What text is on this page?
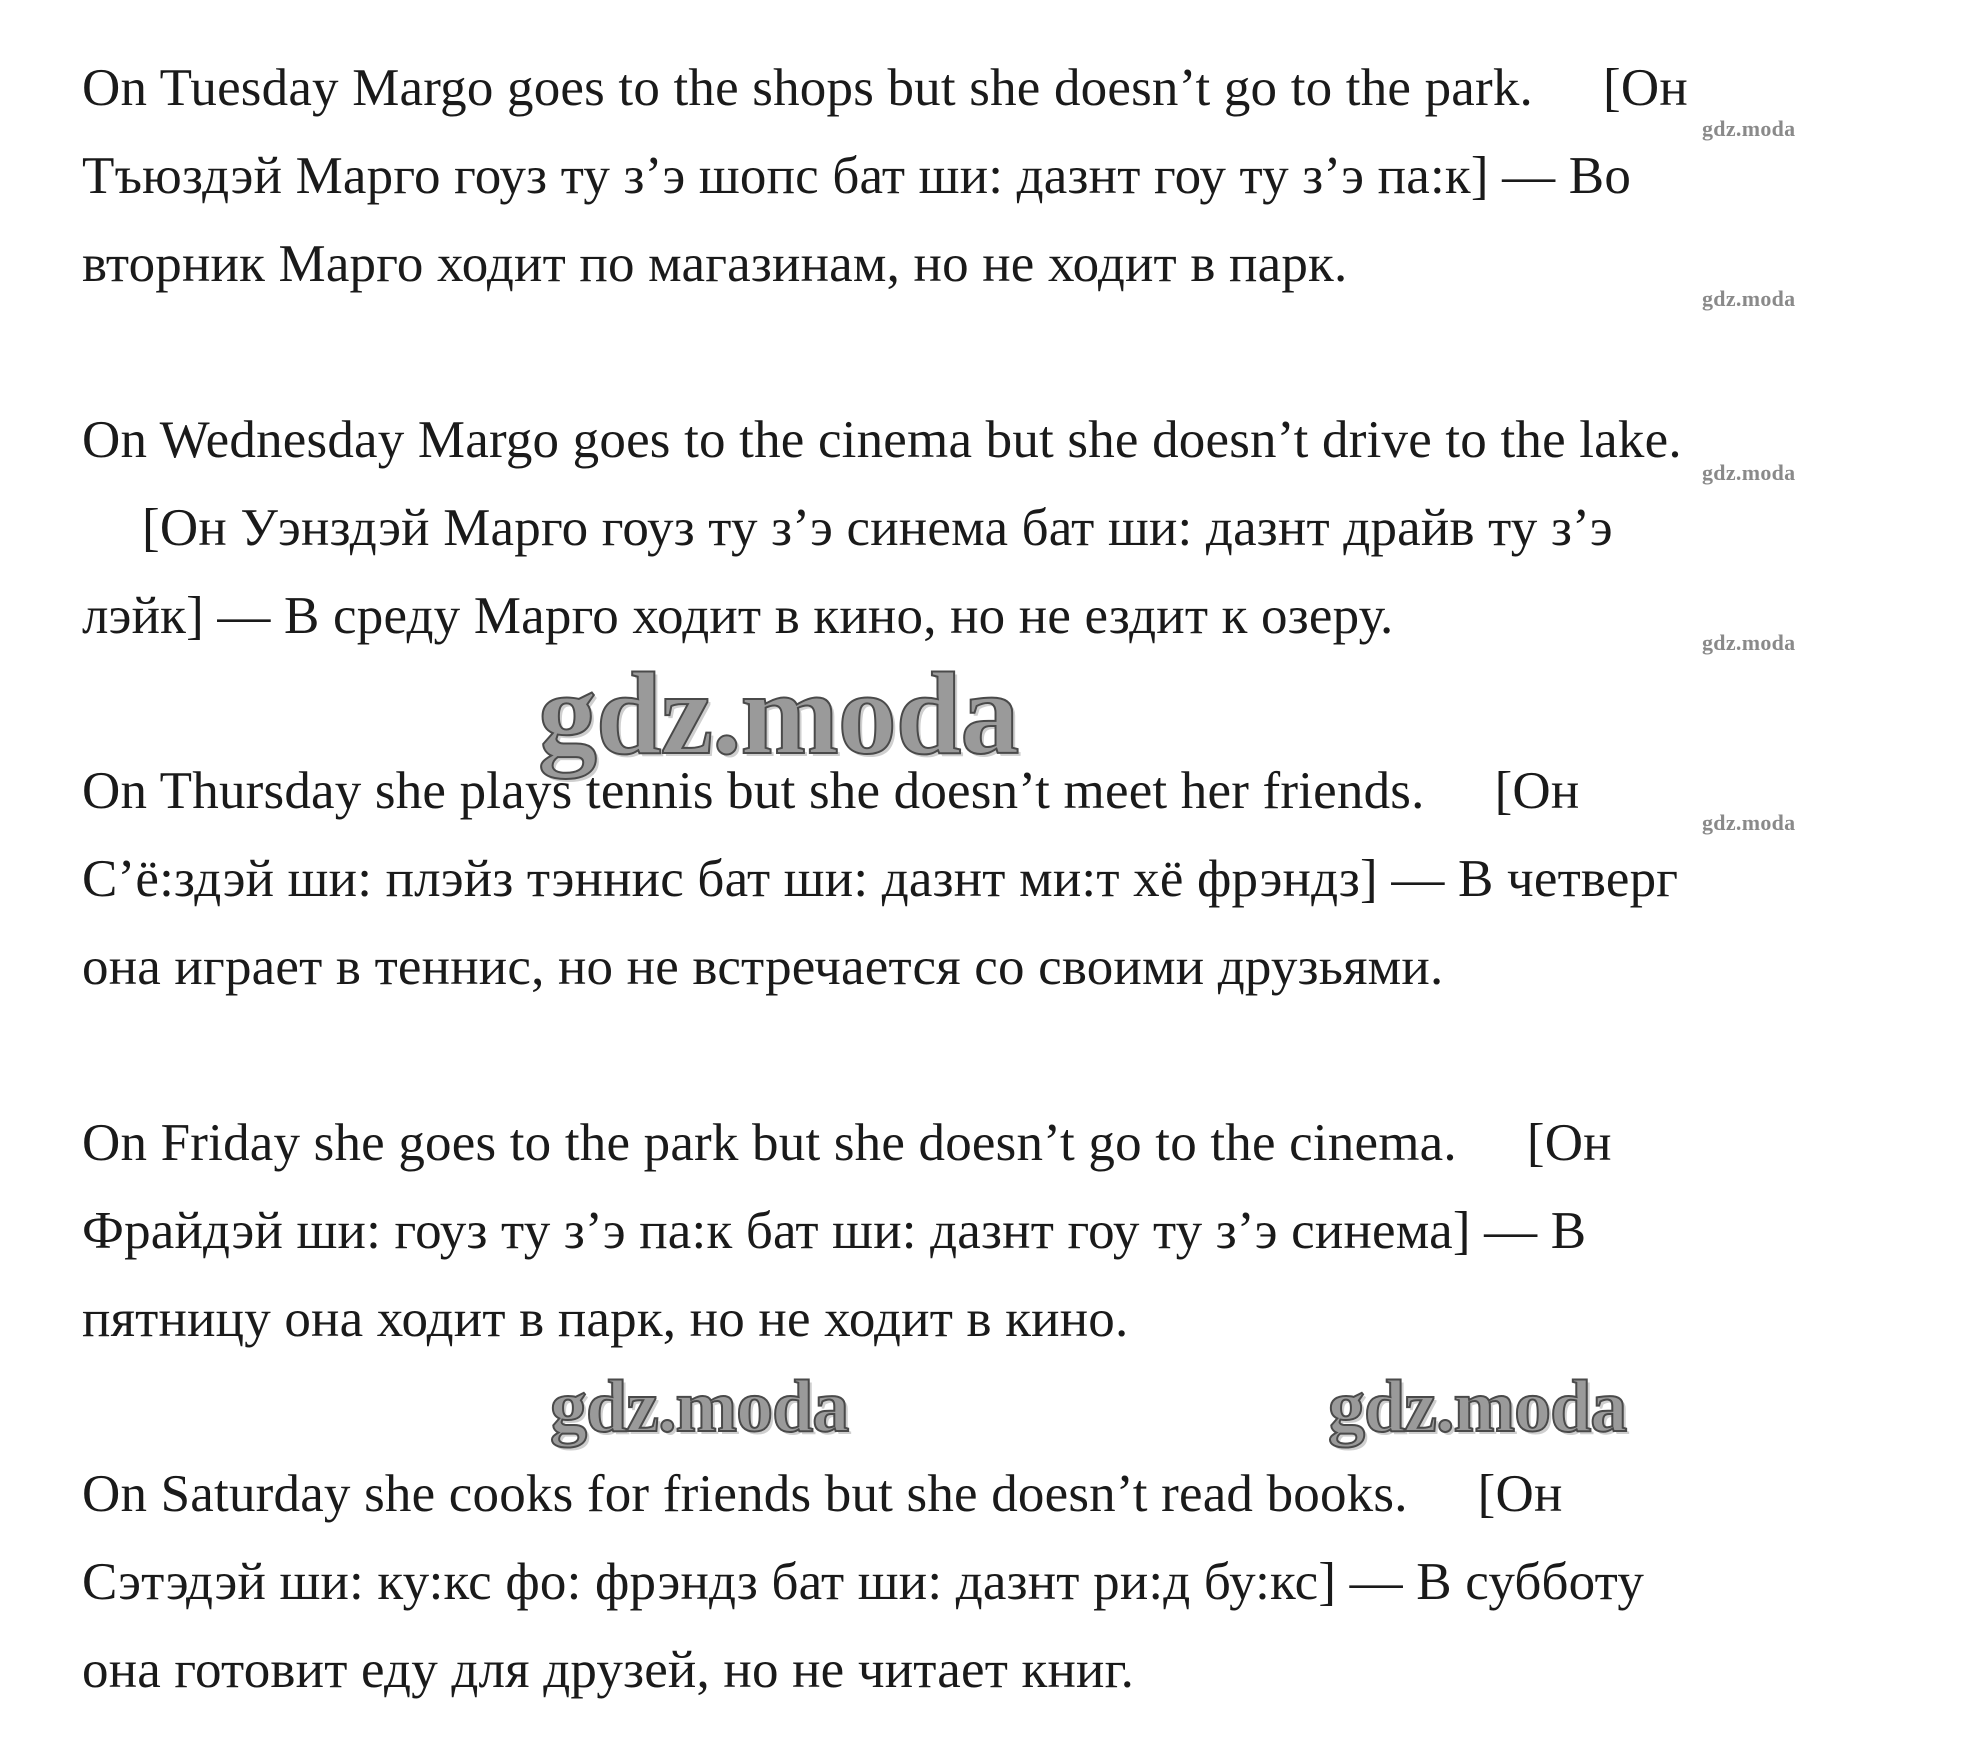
On Tuesday Margo goes to the shops but she doesn’t go to the park. [Он
Тъюздэй Марго гоуз ту з’э шопс бат ши: дазнт гоу ту з’э па:к] — Во
вторник Марго ходит по магазинам, но не ходит в парк.
On Wednesday Margo goes to the cinema but she doesn’t drive to the lake.
[Он Уэнздэй Марго гоуз ту з’э синема бат ши: дазнт драйв ту з’э
лэйк] — В среду Марго ходит в кино, но не ездит к озеру.
On Thursday she plays tennis but she doesn’t meet her friends. [Он
С’ё:здэй ши: плэйз тэннис бат ши: дазнт ми:т хё фрэндз] — В четверг
она играет в теннис, но не встречается со своими друзьями.
On Friday she goes to the park but she doesn’t go to the cinema. [Он
Фрайдэй ши: гоуз ту з’э па:к бат ши: дазнт гоу ту з’э синема] — В
пятницу она ходит в парк, но не ходит в кино.
On Saturday she cooks for friends but she doesn’t read books. [Он
Сэтэдэй ши: ку:кс фо: фрэндз бат ши: дазнт ри:д бу:кс] — В субботу
она готовит еду для друзей, но не читает книг.
gdz.moda
gdz.moda
gdz.moda
gdz.moda
gdz.moda
gdz.moda
gdz.moda	gdz.moda
